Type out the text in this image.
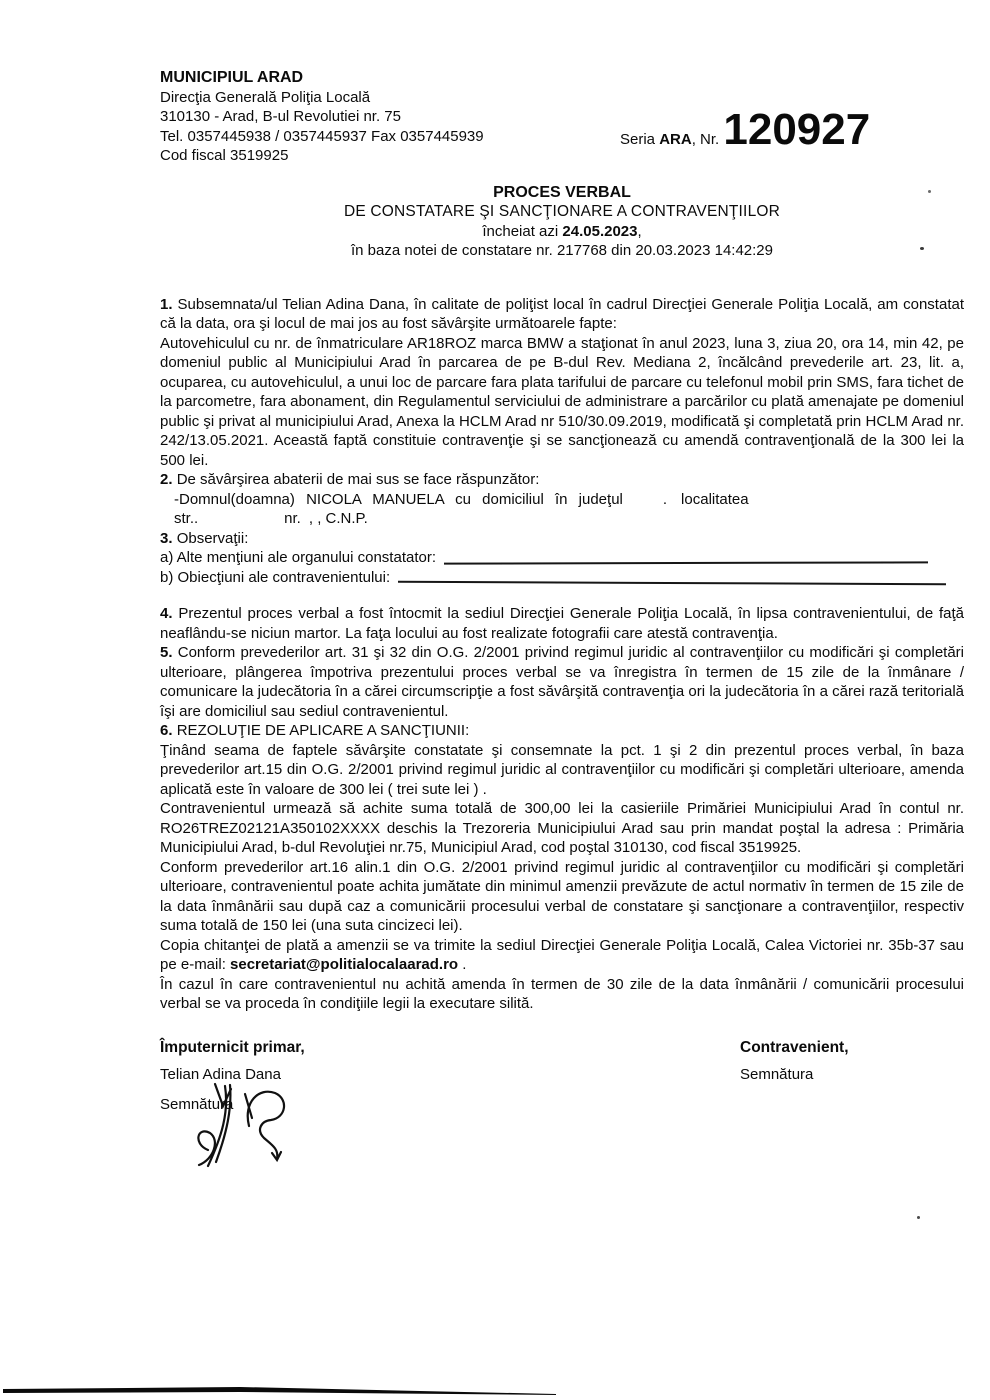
MUNICIPIUL ARAD
Direcţia Generală Poliţia Locală
310130 - Arad, B-ul Revolutiei nr. 75
Tel. 0357445938 / 0357445937 Fax 0357445939
Cod fiscal 3519925
Seria ARA, Nr. 120927
PROCES VERBAL
DE CONSTATARE ŞI SANCŢIONARE A CONTRAVENŢIILOR
încheiat azi 24.05.2023,
în baza notei de constatare nr. 217768 din 20.03.2023 14:42:29

1. Subsemnata/ul Telian Adina Dana, în calitate de poliţist local în cadrul Direcţiei Generale Poliţia Locală, am constatat că la data, ora şi locul de mai jos au fost săvârşite următoarele fapte:

Autovehiculul cu nr. de înmatriculare AR18ROZ marca BMW a staţionat în anul 2023, luna 3, ziua 20, ora 14, min 42, pe domeniul public al Municipiului Arad în parcarea de pe B-dul Rev. Mediana 2, încălcând prevederile art. 23, lit. a, ocuparea, cu autovehiculul, a unui loc de parcare fara plata tarifului de parcare cu telefonul mobil prin SMS, fara tichet de la parcometre, fara abonament, din Regulamentul serviciului de administrare a parcărilor cu plată amenajate pe domeniul public şi privat al municipiului Arad, Anexa la HCLM Arad nr 510/30.09.2019, modificată şi completată prin HCLM Arad nr. 242/13.05.2021. Această faptă constituie contravenţie şi se sancţionează cu amendă contravenţională de la 300 lei la 500 lei.

2. De săvârşirea abaterii de mai sus se face răspunzător:

-Domnul(doamna) NICOLA MANUELA cu domiciliul în judeţul	. localitatea

str..	nr. , , C.N.P.

3. Observaţii:

a) Alte menţiuni ale organului constatator:
b) Obiecţiuni ale contravenientului:

4. Prezentul proces verbal a fost întocmit la sediul Direcţiei Generale Poliţia Locală, în lipsa contravenientului, de faţă neaflându-se niciun martor. La faţa locului au fost realizate fotografii care atestă contravenţia.

5. Conform prevederilor art. 31 şi 32 din O.G. 2/2001 privind regimul juridic al contravenţiilor cu modificări şi completări ulterioare, plângerea împotriva prezentului proces verbal se va înregistra în termen de 15 zile de la înmânare / comunicare la judecătoria în a cărei circumscripţie a fost săvârşită contravenţia ori la judecătoria în a cărei rază teritorială îşi are domiciliul sau sediul contravenientul.

6. REZOLUŢIE DE APLICARE A SANCŢIUNII:

Ţinând seama de faptele săvârşite constatate şi consemnate la pct. 1 şi 2 din prezentul proces verbal, în baza prevederilor art.15 din O.G. 2/2001 privind regimul juridic al contravenţiilor cu modificări şi completări ulterioare, amenda aplicată este în valoare de 300 lei ( trei sute lei ) .

Contravenientul urmează să achite suma totală de 300,00 lei la casieriile Primăriei Municipiului Arad în contul nr. RO26TREZ02121A350102XXXX deschis la Trezoreria Municipiului Arad sau prin mandat poştal la adresa : Primăria Municipiului Arad, b-dul Revoluţiei nr.75, Municipiul Arad, cod poştal 310130, cod fiscal 3519925.

Conform prevederilor art.16 alin.1 din O.G. 2/2001 privind regimul juridic al contravenţiilor cu modificări şi completări ulterioare, contravenientul poate achita jumătate din minimul amenzii prevăzute de actul normativ în termen de 15 zile de la data înmânării sau după caz a comunicării procesului verbal de constatare şi sancţionare a contravenţiilor, respectiv suma totală de 150 lei (una suta cincizeci lei).

Copia chitanţei de plată a amenzii se va trimite la sediul Direcţiei Generale Poliţia Locală, Calea Victoriei nr. 35b-37 sau pe e-mail: secretariat@politialocalaarad.ro .

În cazul în care contravenientul nu achită amenda în termen de 30 zile de la data înmânării / comunicării procesului verbal se va proceda în condiţiile legii la executare silită.

Împuternicit primar,
Telian Adina Dana
Semnătura
Contravenient,
Semnătura
